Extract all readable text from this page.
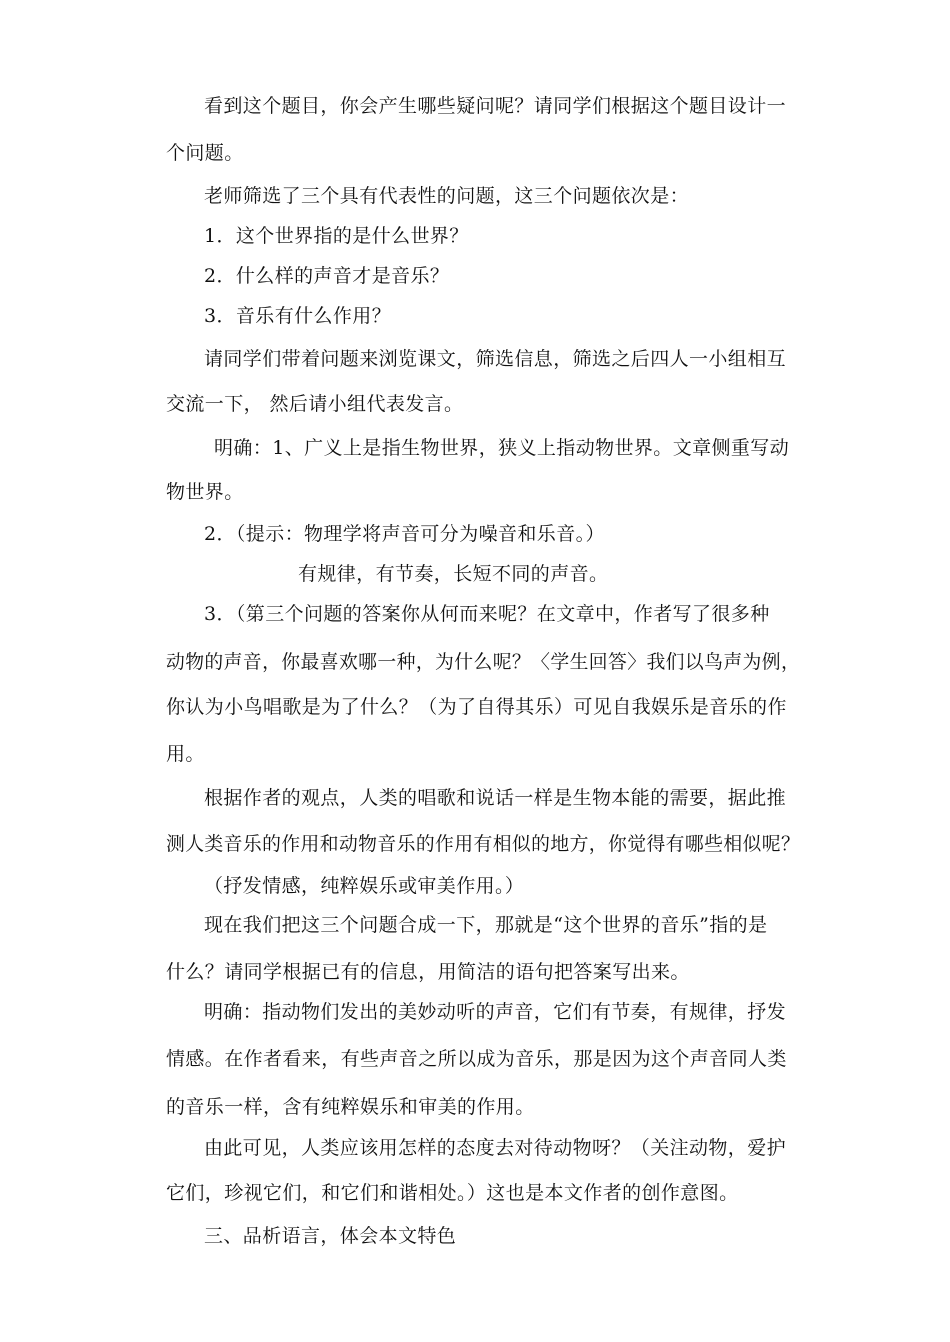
看到这个题目，你会产生哪些疑问呢？请同学们根据这个题目设计一
个问题。
老师筛选了三个具有代表性的问题，这三个问题依次是：
1．这个世界指的是什么世界？
2．什么样的声音才是音乐？
3．音乐有什么作用？
请同学们带着问题来浏览课文，筛选信息，筛选之后四人一小组相互
交流一下， 然后请小组代表发言。
明确：1、广义上是指生物世界，狭义上指动物世界。文章侧重写动
物世界。
2．（提示：物理学将声音可分为噪音和乐音。）
有规律，有节奏，长短不同的声音。
3．（第三个问题的答案你从何而来呢？在文章中，作者写了很多种
动物的声音，你最喜欢哪一种，为什么呢？〈学生回答〉我们以鸟声为例，
你认为小鸟唱歌是为了什么？（为了自得其乐）可见自我娱乐是音乐的作
用。
根据作者的观点，人类的唱歌和说话一样是生物本能的需要，据此推
测人类音乐的作用和动物音乐的作用有相似的地方，你觉得有哪些相似呢？
（抒发情感，纯粹娱乐或审美作用。）
现在我们把这三个问题合成一下，那就是“这个世界的音乐”指的是
什么？请同学根据已有的信息，用简洁的语句把答案写出来。
明确：指动物们发出的美妙动听的声音，它们有节奏，有规律，抒发
情感。在作者看来，有些声音之所以成为音乐，那是因为这个声音同人类
的音乐一样，含有纯粹娱乐和审美的作用。
由此可见，人类应该用怎样的态度去对待动物呀？（关注动物，爱护
它们，珍视它们，和它们和谐相处。）这也是本文作者的创作意图。
三、品析语言，体会本文特色
